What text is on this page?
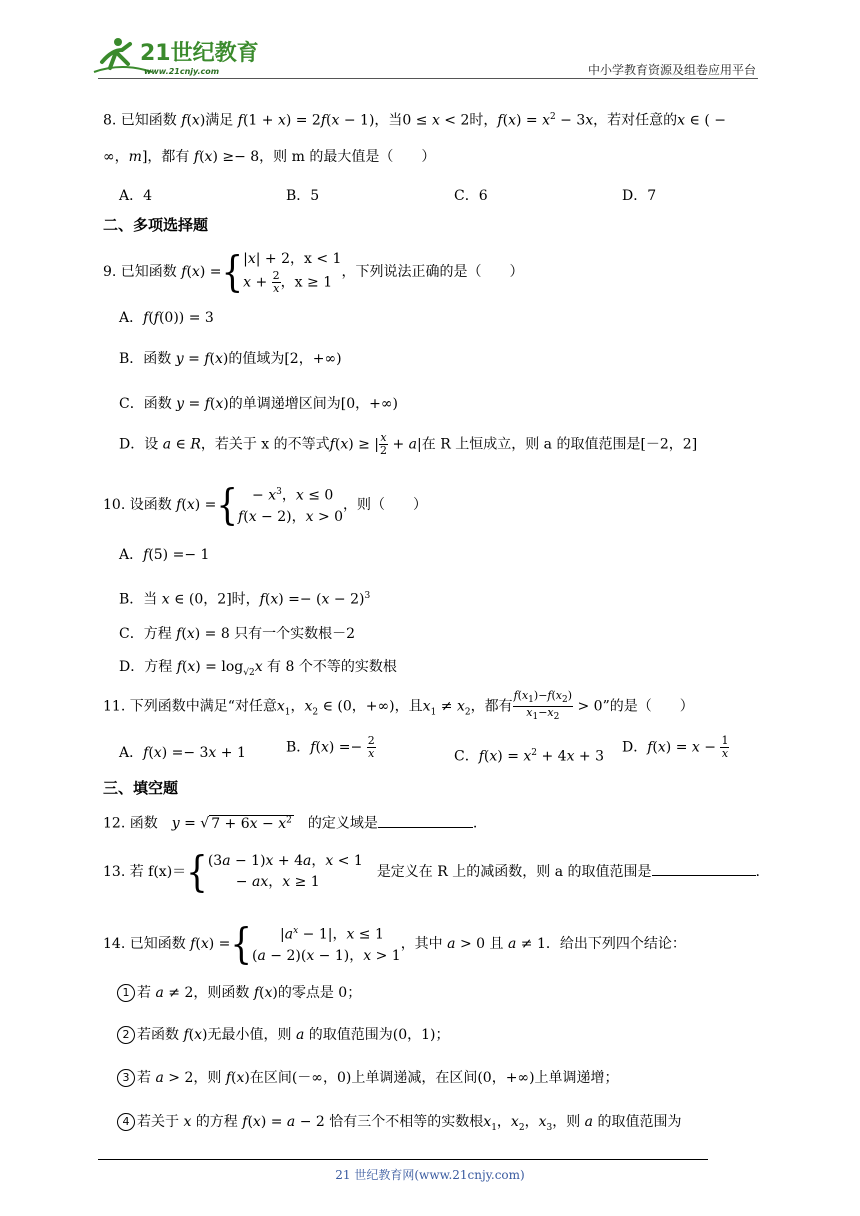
21世纪教育
www.21cnjy.com	中小学教育资源及组卷应用平台
8. 已知函数 f(x)满足 f(1 + x) = 2f(x − 1)，当0 ≤ x < 2时，$f(x) = x^2 - 3x$，若对任意的x ∈ ( −
∞，m]，都有 f(x) ≥− 8，则 m 的最大值是（　　）
A．4	B．5	C．6	D．7
二、多项选择题
9. 已知函数 f(x) ={ |x| + 2，x < 1
$x + \frac{2}{x}$ ，x ≥ 1
，下列说法正确的是（　　）
A．f(f(0)) = 3
B．函数 y = f(x)的值域为[2，+∞)
C．函数 y = f(x)的单调递增区间为[0，+∞)
D．设 a ∈ R，若关于 x 的不等式f(x) ≥ | $\frac{x}{2} + a|$在 R 上恒成立，则 a 的取值范围是[－2，2]
10. 设函数 f(x) ={ 　− $x^3$，x ≤ 0
f(x − 2)，x > 0
，则（　　）
A．f(5) =− 1
B．当 x ∈ (0，2]时，$f(x) =- (x - 2)^3$
C．方程 f(x) = 8 只有一个实数根－2
D．方程 $f(x) = \log_{√2}x$ 有 8 个不等的实数根
11. 下列函数中满足“对任意$x_1$，$x_2$ ∈ (0，+∞)，且$x_1 \ne x_2$，都有 $\frac{f(x_1)-f(x_2)}{x_1-x_2} > 0$”的是（　　）
A．f(x) =− 3x + 1	B．$f(x) =- \frac{2}{x}$	C．$f(x) = x^2 + 4x + 3$
D．$f(x) = x - \frac{1}{x}$
三、填空题
12. 函数　 y = √ $7 + 6x - x^2$　 的定义域是	.
13. 若 f(x)＝{ (3a − 1)x + 4a，x < 1
　　− ax，x ≥ 1
　是定义在 R 上的减函数，则 a 的取值范围是	.
14. 已知函数 f(x) ={ 　　$|a^x - 1|$，x ≤ 1
(a − 2)(x − 1)，x > 1
，其中 a > 0 且 a ≠ 1．给出下列四个结论：
1 若 a ≠ 2，则函数 f(x)的零点是 0；
2 若函数 f(x)无最小值，则 a 的取值范围为(0，1)；
3 若 a > 2，则 f(x)在区间(－∞，0)上单调递减，在区间(0，+∞)上单调递增；
4 若关于 x 的方程 f(x) = a − 2 恰有三个不相等的实数根$x_1$，$x_2$，$x_3$，则 a 的取值范围为
21 世纪教育网(www.21cnjy.com)
